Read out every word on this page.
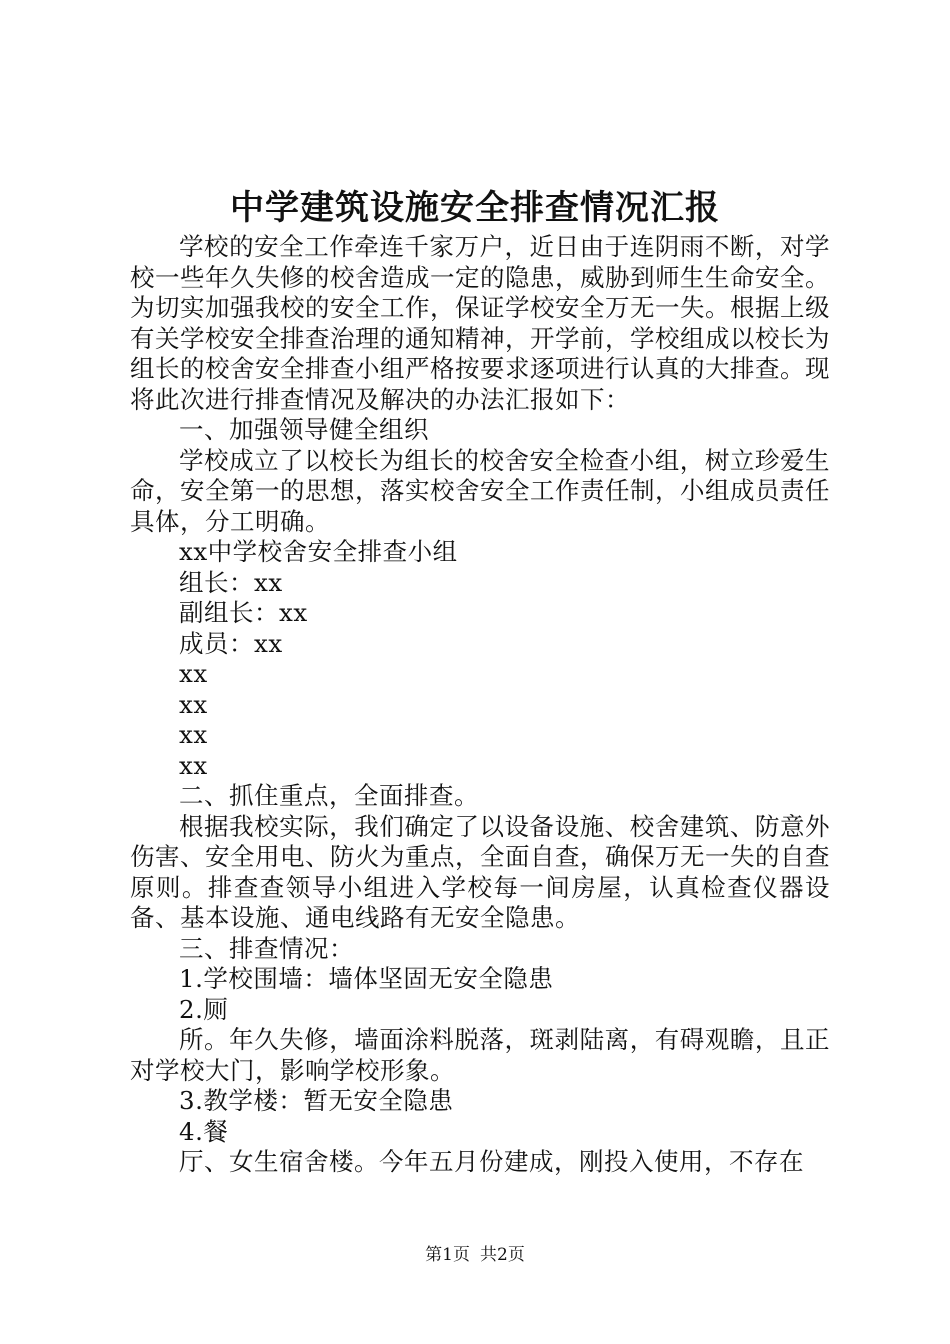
中学建筑设施安全排查情况汇报

学校的安全工作牵连千家万户，近日由于连阴雨不断，对学校一些年久失修的校舍造成一定的隐患，威胁到师生生命安全。为切实加强我校的安全工作，保证学校安全万无一失。根据上级有关学校安全排查治理的通知精神，开学前，学校组成以校长为组长的校舍安全排查小组严格按要求逐项进行认真的大排查。现将此次进行排查情况及解决的办法汇报如下：

一、加强领导健全组织

学校成立了以校长为组长的校舍安全检查小组，树立珍爱生命，安全第一的思想，落实校舍安全工作责任制，小组成员责任具体，分工明确。

xx中学校舍安全排查小组

组长：xx

副组长：xx

成员：xx

xx

xx

xx

xx

二、抓住重点，全面排查。

根据我校实际，我们确定了以设备设施、校舍建筑、防意外伤害、安全用电、防火为重点，全面自查，确保万无一失的自查原则。排查查领导小组进入学校每一间房屋，认真检查仪器设备、基本设施、通电线路有无安全隐患。

三、排查情况：

1.学校围墙：墙体坚固无安全隐患

2.厕

所。年久失修，墙面涂料脱落，斑剥陆离，有碍观瞻，且正对学校大门，影响学校形象。

3.教学楼：暂无安全隐患

4.餐

厅、女生宿舍楼。今年五月份建成，刚投入使用，不存在

第1页 共2页
